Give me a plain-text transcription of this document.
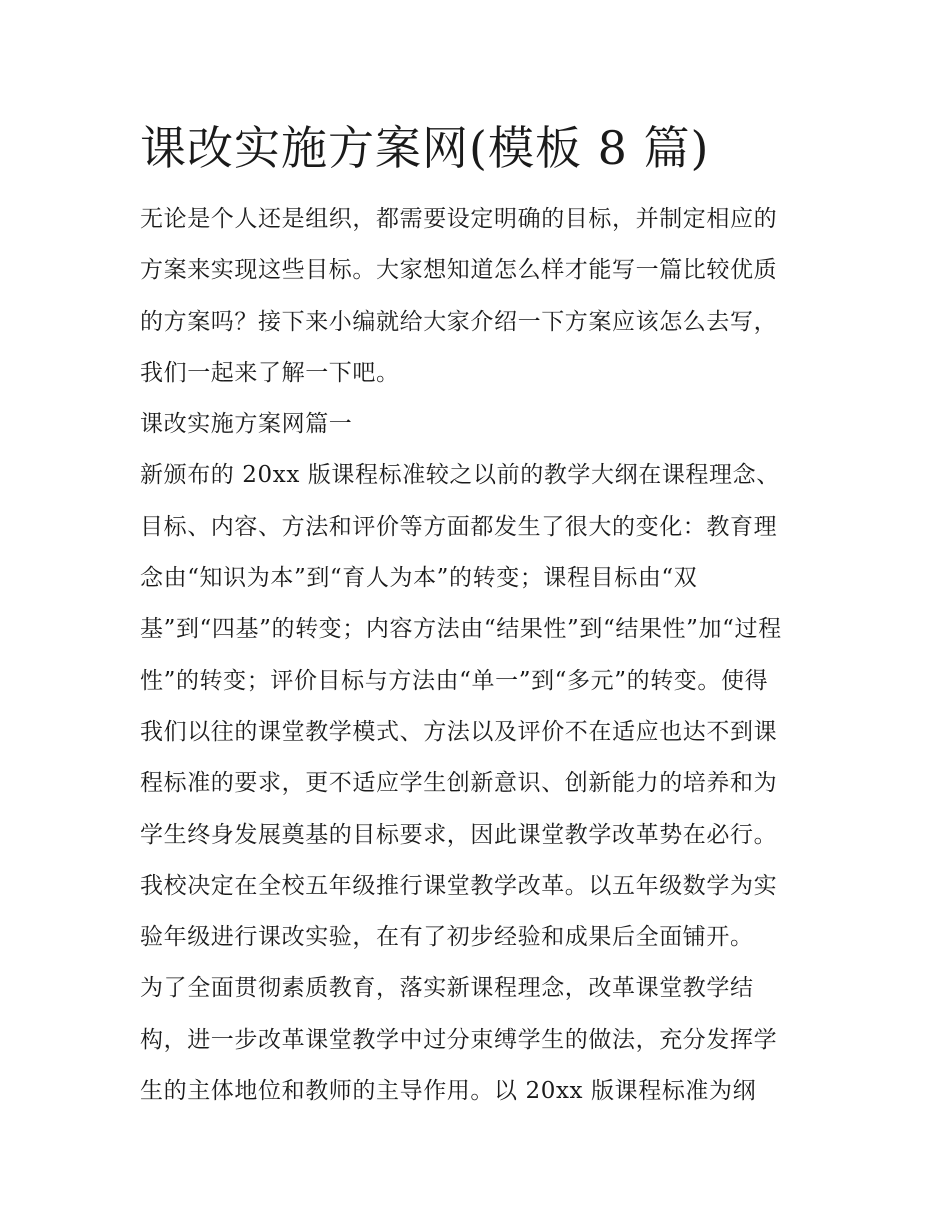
课改实施方案网(模板 8 篇)

无论是个人还是组织，都需要设定明确的目标，并制定相应的

方案来实现这些目标。大家想知道怎么样才能写一篇比较优质

的方案吗？接下来小编就给大家介绍一下方案应该怎么去写，

我们一起来了解一下吧。

课改实施方案网篇一

新颁布的 20xx 版课程标准较之以前的教学大纲在课程理念、

目标、内容、方法和评价等方面都发生了很大的变化：教育理

念由“知识为本”到“育人为本”的转变；课程目标由“双

基”到“四基”的转变；内容方法由“结果性”到“结果性”加“过程

性”的转变；评价目标与方法由“单一”到“多元”的转变。使得

我们以往的课堂教学模式、方法以及评价不在适应也达不到课

程标准的要求，更不适应学生创新意识、创新能力的培养和为

学生终身发展奠基的目标要求，因此课堂教学改革势在必行。

我校决定在全校五年级推行课堂教学改革。以五年级数学为实

验年级进行课改实验，在有了初步经验和成果后全面铺开。

为了全面贯彻素质教育，落实新课程理念，改革课堂教学结

构，进一步改革课堂教学中过分束缚学生的做法，充分发挥学

生的主体地位和教师的主导作用。以 20xx 版课程标准为纲
